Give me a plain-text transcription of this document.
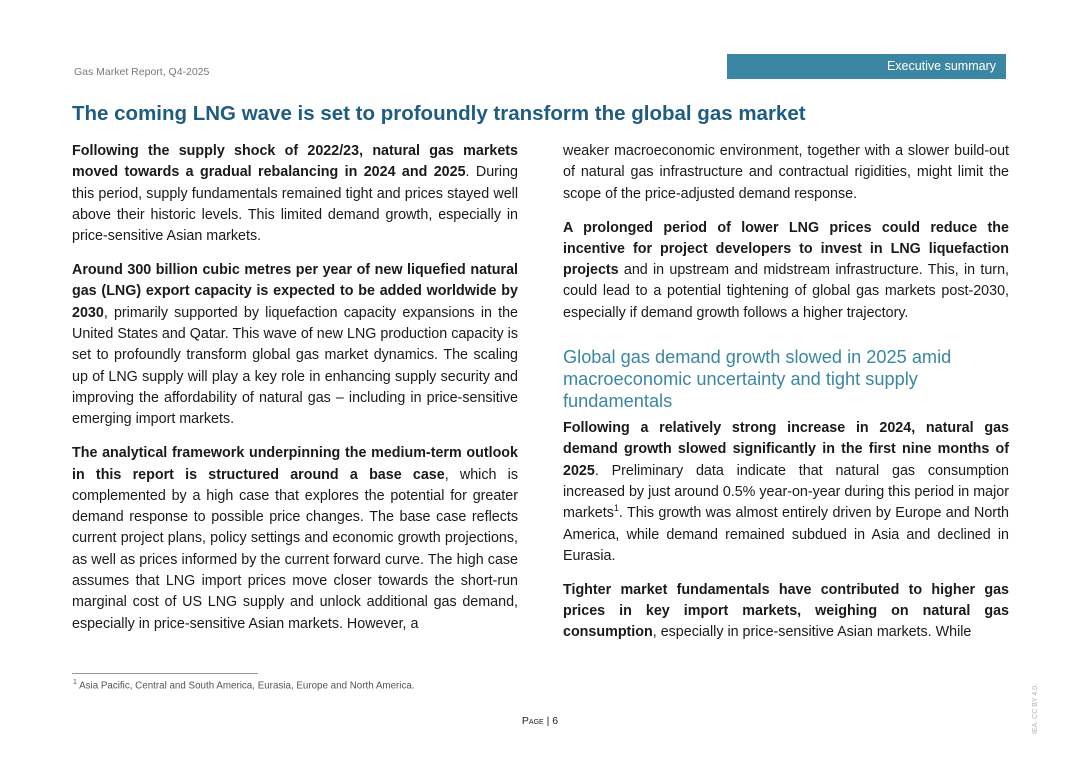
Gas Market Report, Q4-2025	Executive summary
The coming LNG wave is set to profoundly transform the global gas market

Following the supply shock of 2022/23, natural gas markets moved towards a gradual rebalancing in 2024 and 2025. During this period, supply fundamentals remained tight and prices stayed well above their historic levels. This limited demand growth, especially in price-sensitive Asian markets.

Around 300 billion cubic metres per year of new liquefied natural gas (LNG) export capacity is expected to be added worldwide by 2030, primarily supported by liquefaction capacity expansions in the United States and Qatar. This wave of new LNG production capacity is set to profoundly transform global gas market dynamics. The scaling up of LNG supply will play a key role in enhancing supply security and improving the affordability of natural gas – including in price-sensitive emerging import markets.

The analytical framework underpinning the medium-term outlook in this report is structured around a base case, which is complemented by a high case that explores the potential for greater demand response to possible price changes. The base case reflects current project plans, policy settings and economic growth projections, as well as prices informed by the current forward curve. The high case assumes that LNG import prices move closer towards the short-run marginal cost of US LNG supply and unlock additional gas demand, especially in price-sensitive Asian markets. However, a

weaker macroeconomic environment, together with a slower build-out of natural gas infrastructure and contractual rigidities, might limit the scope of the price-adjusted demand response.

A prolonged period of lower LNG prices could reduce the incentive for project developers to invest in LNG liquefaction projects and in upstream and midstream infrastructure. This, in turn, could lead to a potential tightening of global gas markets post-2030, especially if demand growth follows a higher trajectory.

Global gas demand growth slowed in 2025 amid macroeconomic uncertainty and tight supply fundamentals

Following a relatively strong increase in 2024, natural gas demand growth slowed significantly in the first nine months of 2025. Preliminary data indicate that natural gas consumption increased by just around 0.5% year-on-year during this period in major markets$^1$. This growth was almost entirely driven by Europe and North America, while demand remained subdued in Asia and declined in Eurasia.

Tighter market fundamentals have contributed to higher gas prices in key import markets, weighing on natural gas consumption, especially in price-sensitive Asian markets. While

$^1$ Asia Pacific, Central and South America, Eurasia, Europe and North America.
Page | 6	IEA. CC BY 4.0.
